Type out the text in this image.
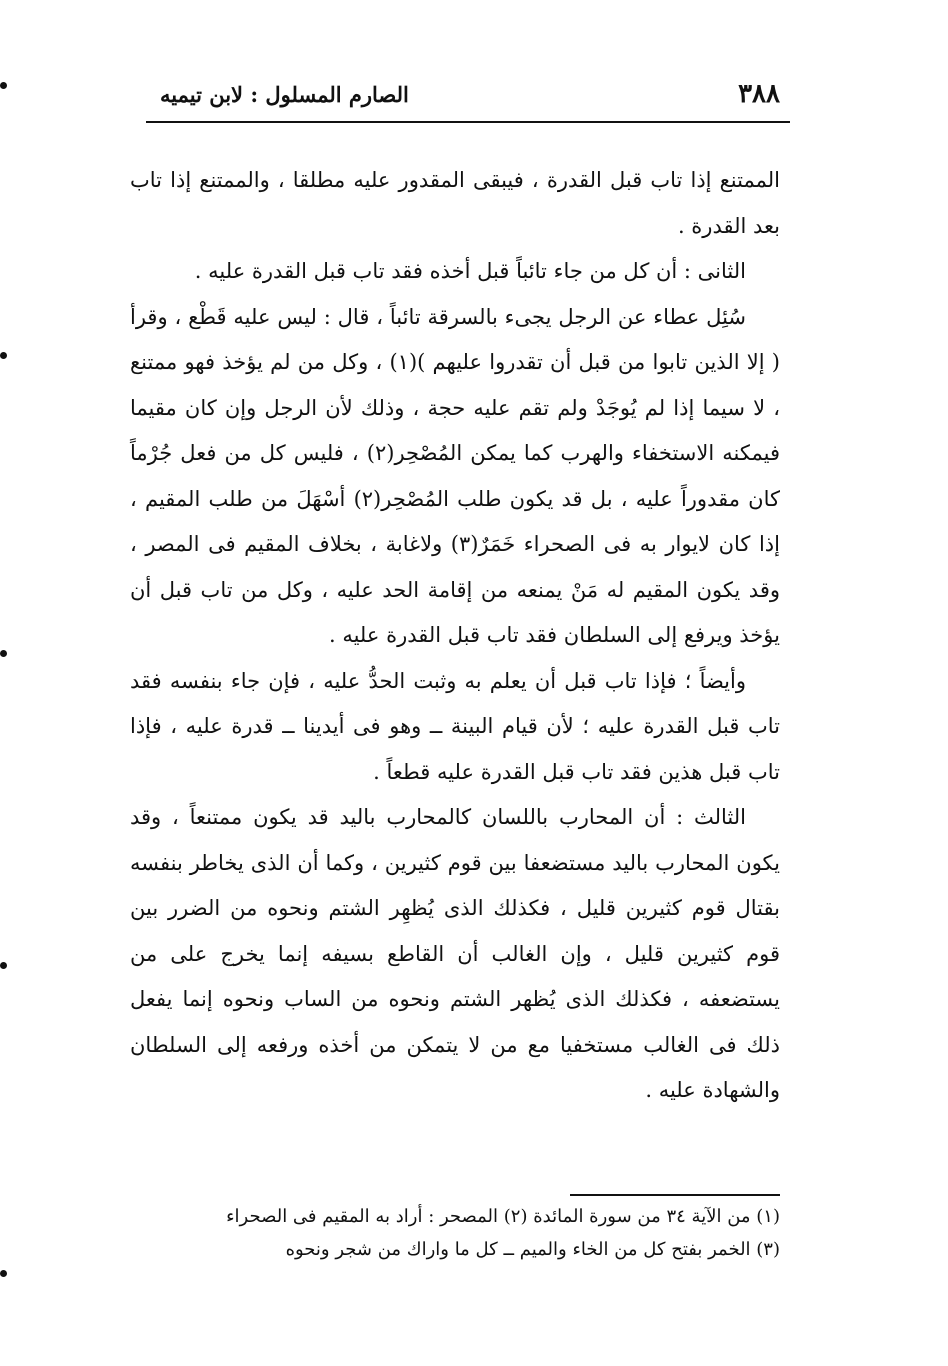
٣٨٨
الصارم المسلول : لابن تيميه

الممتنع إذا تاب قبل القدرة ، فيبقى المقدور عليه مطلقا ، والممتنع إذا تاب بعد القدرة .

الثانى : أن كل من جاء تائباً قبل أخذه فقد تاب قبل القدرة عليه .

سُئِل عطاء عن الرجل يجىء بالسرقة تائباً ، قال : ليس عليه قَطْع ، وقرأ ( إلا الذين تابوا من قبل أن تقدروا عليهم )(١) ، وكل من لم يؤخذ فهو ممتنع ، لا سيما إذا لم يُوجَدْ ولم تقم عليه حجة ، وذلك لأن الرجل وإن كان مقيما فيمكنه الاستخفاء والهرب كما يمكن المُصْحِر(٢) ، فليس كل من فعل جُرْماً كان مقدوراً عليه ، بل قد يكون طلب المُصْحِر(٢) أسْهَلَ من طلب المقيم ، إذا كان لايوار به فى الصحراء خَمَرٌ(٣) ولاغابة ، بخلاف المقيم فى المصر ، وقد يكون المقيم له مَنْ يمنعه من إقامة الحد عليه ، وكل من تاب قبل أن يؤخذ ويرفع إلى السلطان فقد تاب قبل القدرة عليه .

وأيضاً ؛ فإذا تاب قبل أن يعلم به وثبت الحدُّ عليه ، فإن جاء بنفسه فقد تاب قبل القدرة عليه ؛ لأن قيام البينة ــ وهو فى أيدينا ــ قدرة عليه ، فإذا تاب قبل هذين فقد تاب قبل القدرة عليه قطعاً .

الثالث : أن المحارب باللسان كالمحارب باليد قد يكون ممتنعاً ، وقد يكون المحارب باليد مستضعفا بين قوم كثيرين ، وكما أن الذى يخاطر بنفسه بقتال قوم كثيرين قليل ، فكذلك الذى يُظهِر الشتم ونحوه من الضرر بين قوم كثيرين قليل ، وإن الغالب أن القاطع بسيفه إنما يخرج على من يستضعفه ، فكذلك الذى يُظهر الشتم ونحوه من الساب ونحوه إنما يفعل ذلك فى الغالب مستخفيا مع من لا يتمكن من أخذه ورفعه إلى السلطان والشهادة عليه .

(١) من الآية ٣٤ من سورة المائدة (٢) المصحر : أراد به المقيم فى الصحراء

(٣) الخمر بفتح كل من الخاء والميم ــ كل ما واراك من شجر ونحوه
